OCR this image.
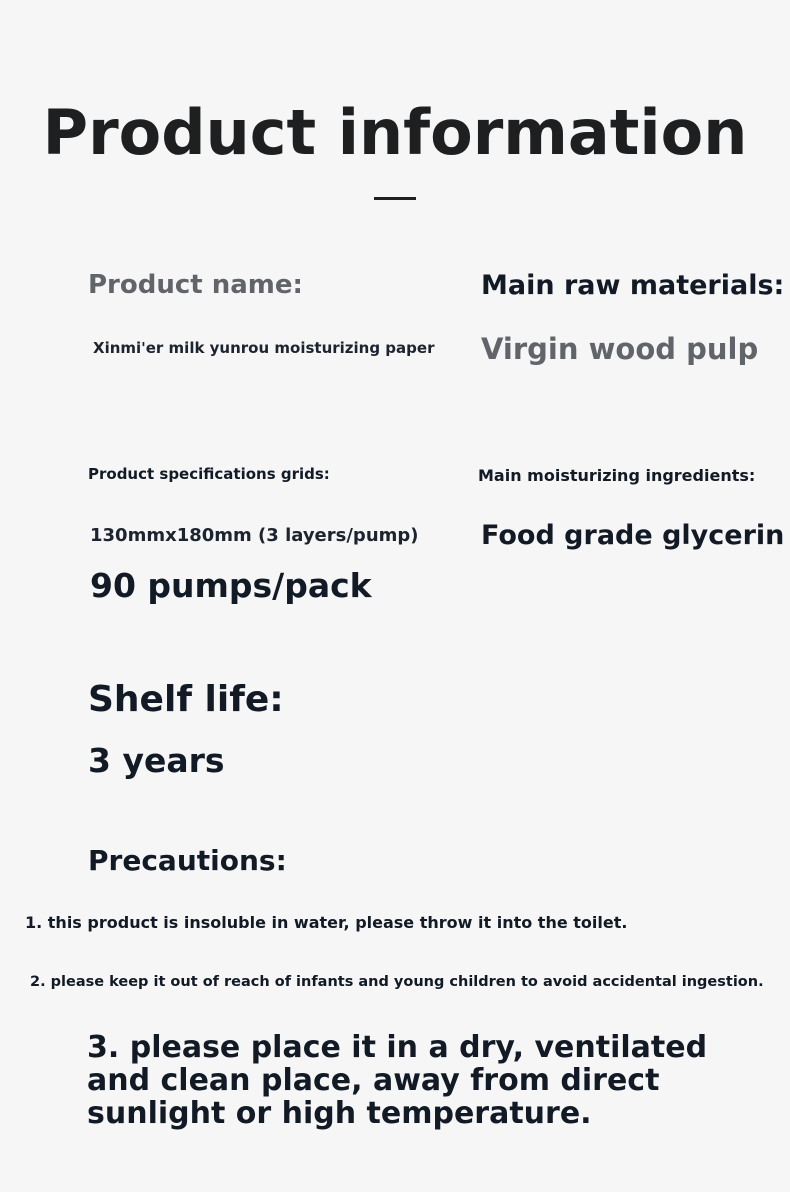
Product information
Product name:
Xinmi'er milk yunrou moisturizing paper
Main raw materials:
Virgin wood pulp
Product specifications grids:
130mmx180mm (3 layers/pump)
90 pumps/pack
Main moisturizing ingredients:
Food grade glycerin
Shelf life:
3 years
Precautions:
1. this product is insoluble in water, please throw it into the toilet.
2. please keep it out of reach of infants and young children to avoid accidental ingestion.
3. please place it in a dry, ventilated
and clean place, away from direct
sunlight or high temperature.
